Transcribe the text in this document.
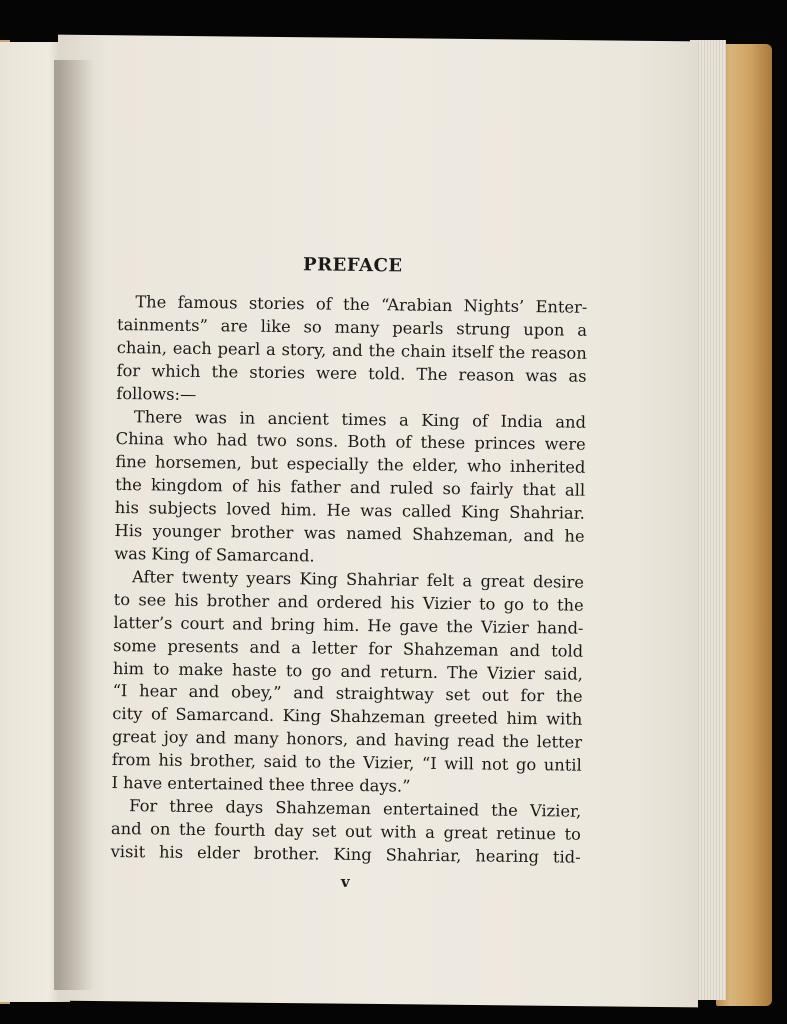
PREFACE
The famous stories of the “Arabian Nights’ Enter-
tainments” are like so many pearls strung upon a
chain, each pearl a story, and the chain itself the reason
for which the stories were told. The reason was as
follows:—
There was in ancient times a King of India and
China who had two sons. Both of these princes were
fine horsemen, but especially the elder, who inherited
the kingdom of his father and ruled so fairly that all
his subjects loved him. He was called King Shahriar.
His younger brother was named Shahzeman, and he
was King of Samarcand.
After twenty years King Shahriar felt a great desire
to see his brother and ordered his Vizier to go to the
latter’s court and bring him. He gave the Vizier hand-
some presents and a letter for Shahzeman and told
him to make haste to go and return. The Vizier said,
“I hear and obey,” and straightway set out for the
city of Samarcand. King Shahzeman greeted him with
great joy and many honors, and having read the letter
from his brother, said to the Vizier, “I will not go until
I have entertained thee three days.”
For three days Shahzeman entertained the Vizier,
and on the fourth day set out with a great retinue to
visit his elder brother. King Shahriar, hearing tid-
v
